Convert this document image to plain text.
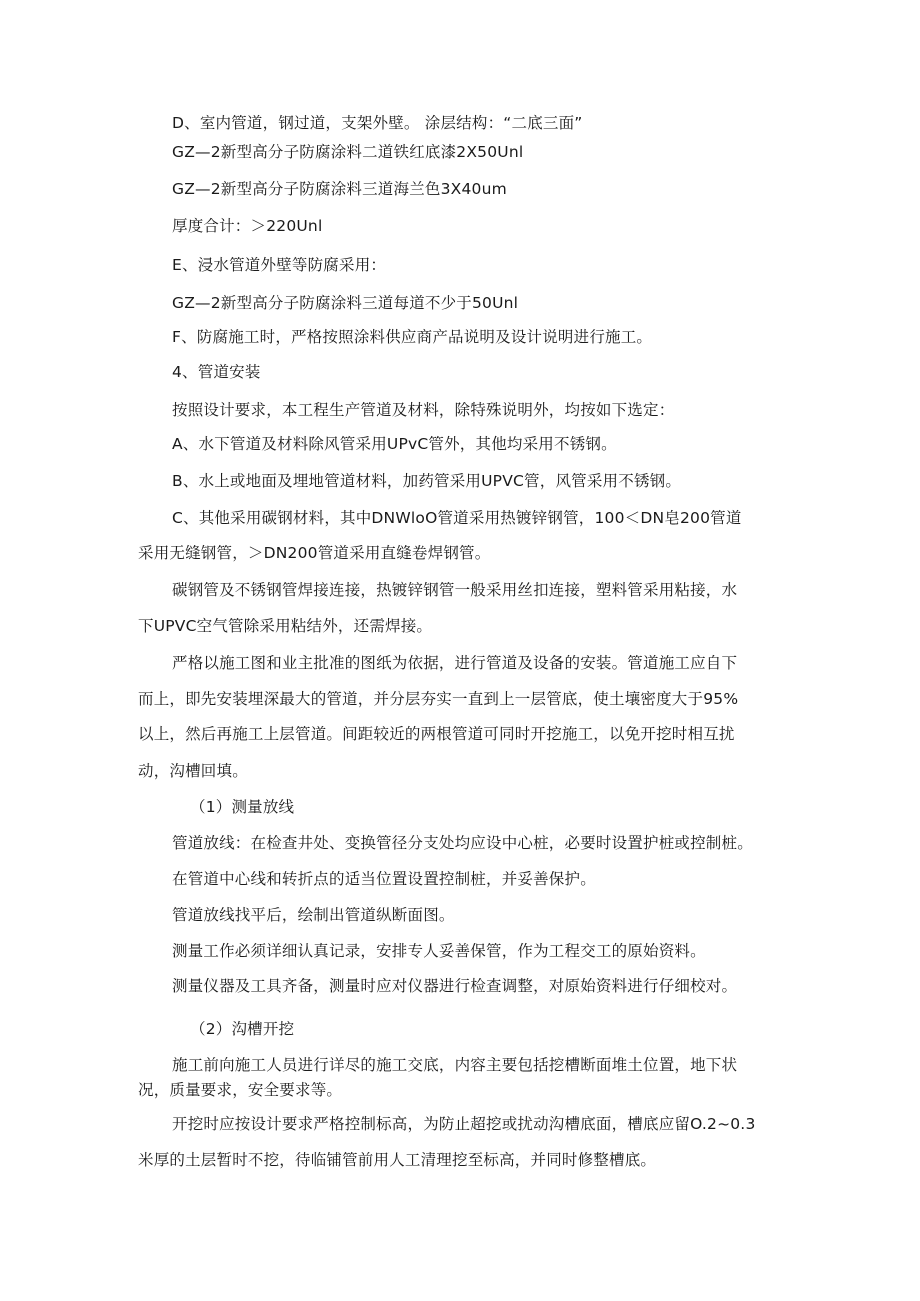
D、室内管道，钢过道，支架外壁。 涂层结构：“二底三面”
GZ—2新型高分子防腐涂料二道铁红底漆2X50Unl
GZ—2新型高分子防腐涂料三道海兰色3X40um
厚度合计：＞220Unl
E、浸水管道外壁等防腐采用：
GZ—2新型高分子防腐涂料三道每道不少于50Unl
F、防腐施工时，严格按照涂料供应商产品说明及设计说明进行施工。
4、管道安装
按照设计要求，本工程生产管道及材料，除特殊说明外，均按如下选定：
A、水下管道及材料除风管采用UPvC管外，其他均采用不锈钢。
B、水上或地面及埋地管道材料，加药管采用UPVC管，风管采用不锈钢。
C、其他采用碳钢材料，其中DNWloO管道采用热镀锌钢管，100＜DN皂200管道
采用无缝钢管，＞DN200管道采用直缝卷焊钢管。
碳钢管及不锈钢管焊接连接，热镀锌钢管一般采用丝扣连接，塑料管采用粘接，水
下UPVC空气管除采用粘结外，还需焊接。
严格以施工图和业主批准的图纸为依据，进行管道及设备的安装。管道施工应自下
而上，即先安装埋深最大的管道，并分层夯实一直到上一层管底，使土壤密度大于95%
以上，然后再施工上层管道。间距较近的两根管道可同时开挖施工，以免开挖时相互扰
动，沟槽回填。
（1）测量放线
管道放线：在检查井处、变换管径分支处均应设中心桩，必要时设置护桩或控制桩。
在管道中心线和转折点的适当位置设置控制桩，并妥善保护。
管道放线找平后，绘制出管道纵断面图。
测量工作必须详细认真记录，安排专人妥善保管，作为工程交工的原始资料。
测量仪器及工具齐备，测量时应对仪器进行检查调整，对原始资料进行仔细校对。
（2）沟槽开挖
施工前向施工人员进行详尽的施工交底，内容主要包括挖槽断面堆土位置，地下状
况，质量要求，安全要求等。
开挖时应按设计要求严格控制标高，为防止超挖或扰动沟槽底面，槽底应留O.2~0.3
米厚的土层暂时不挖，待临铺管前用人工清理挖至标高，并同时修整槽底。
